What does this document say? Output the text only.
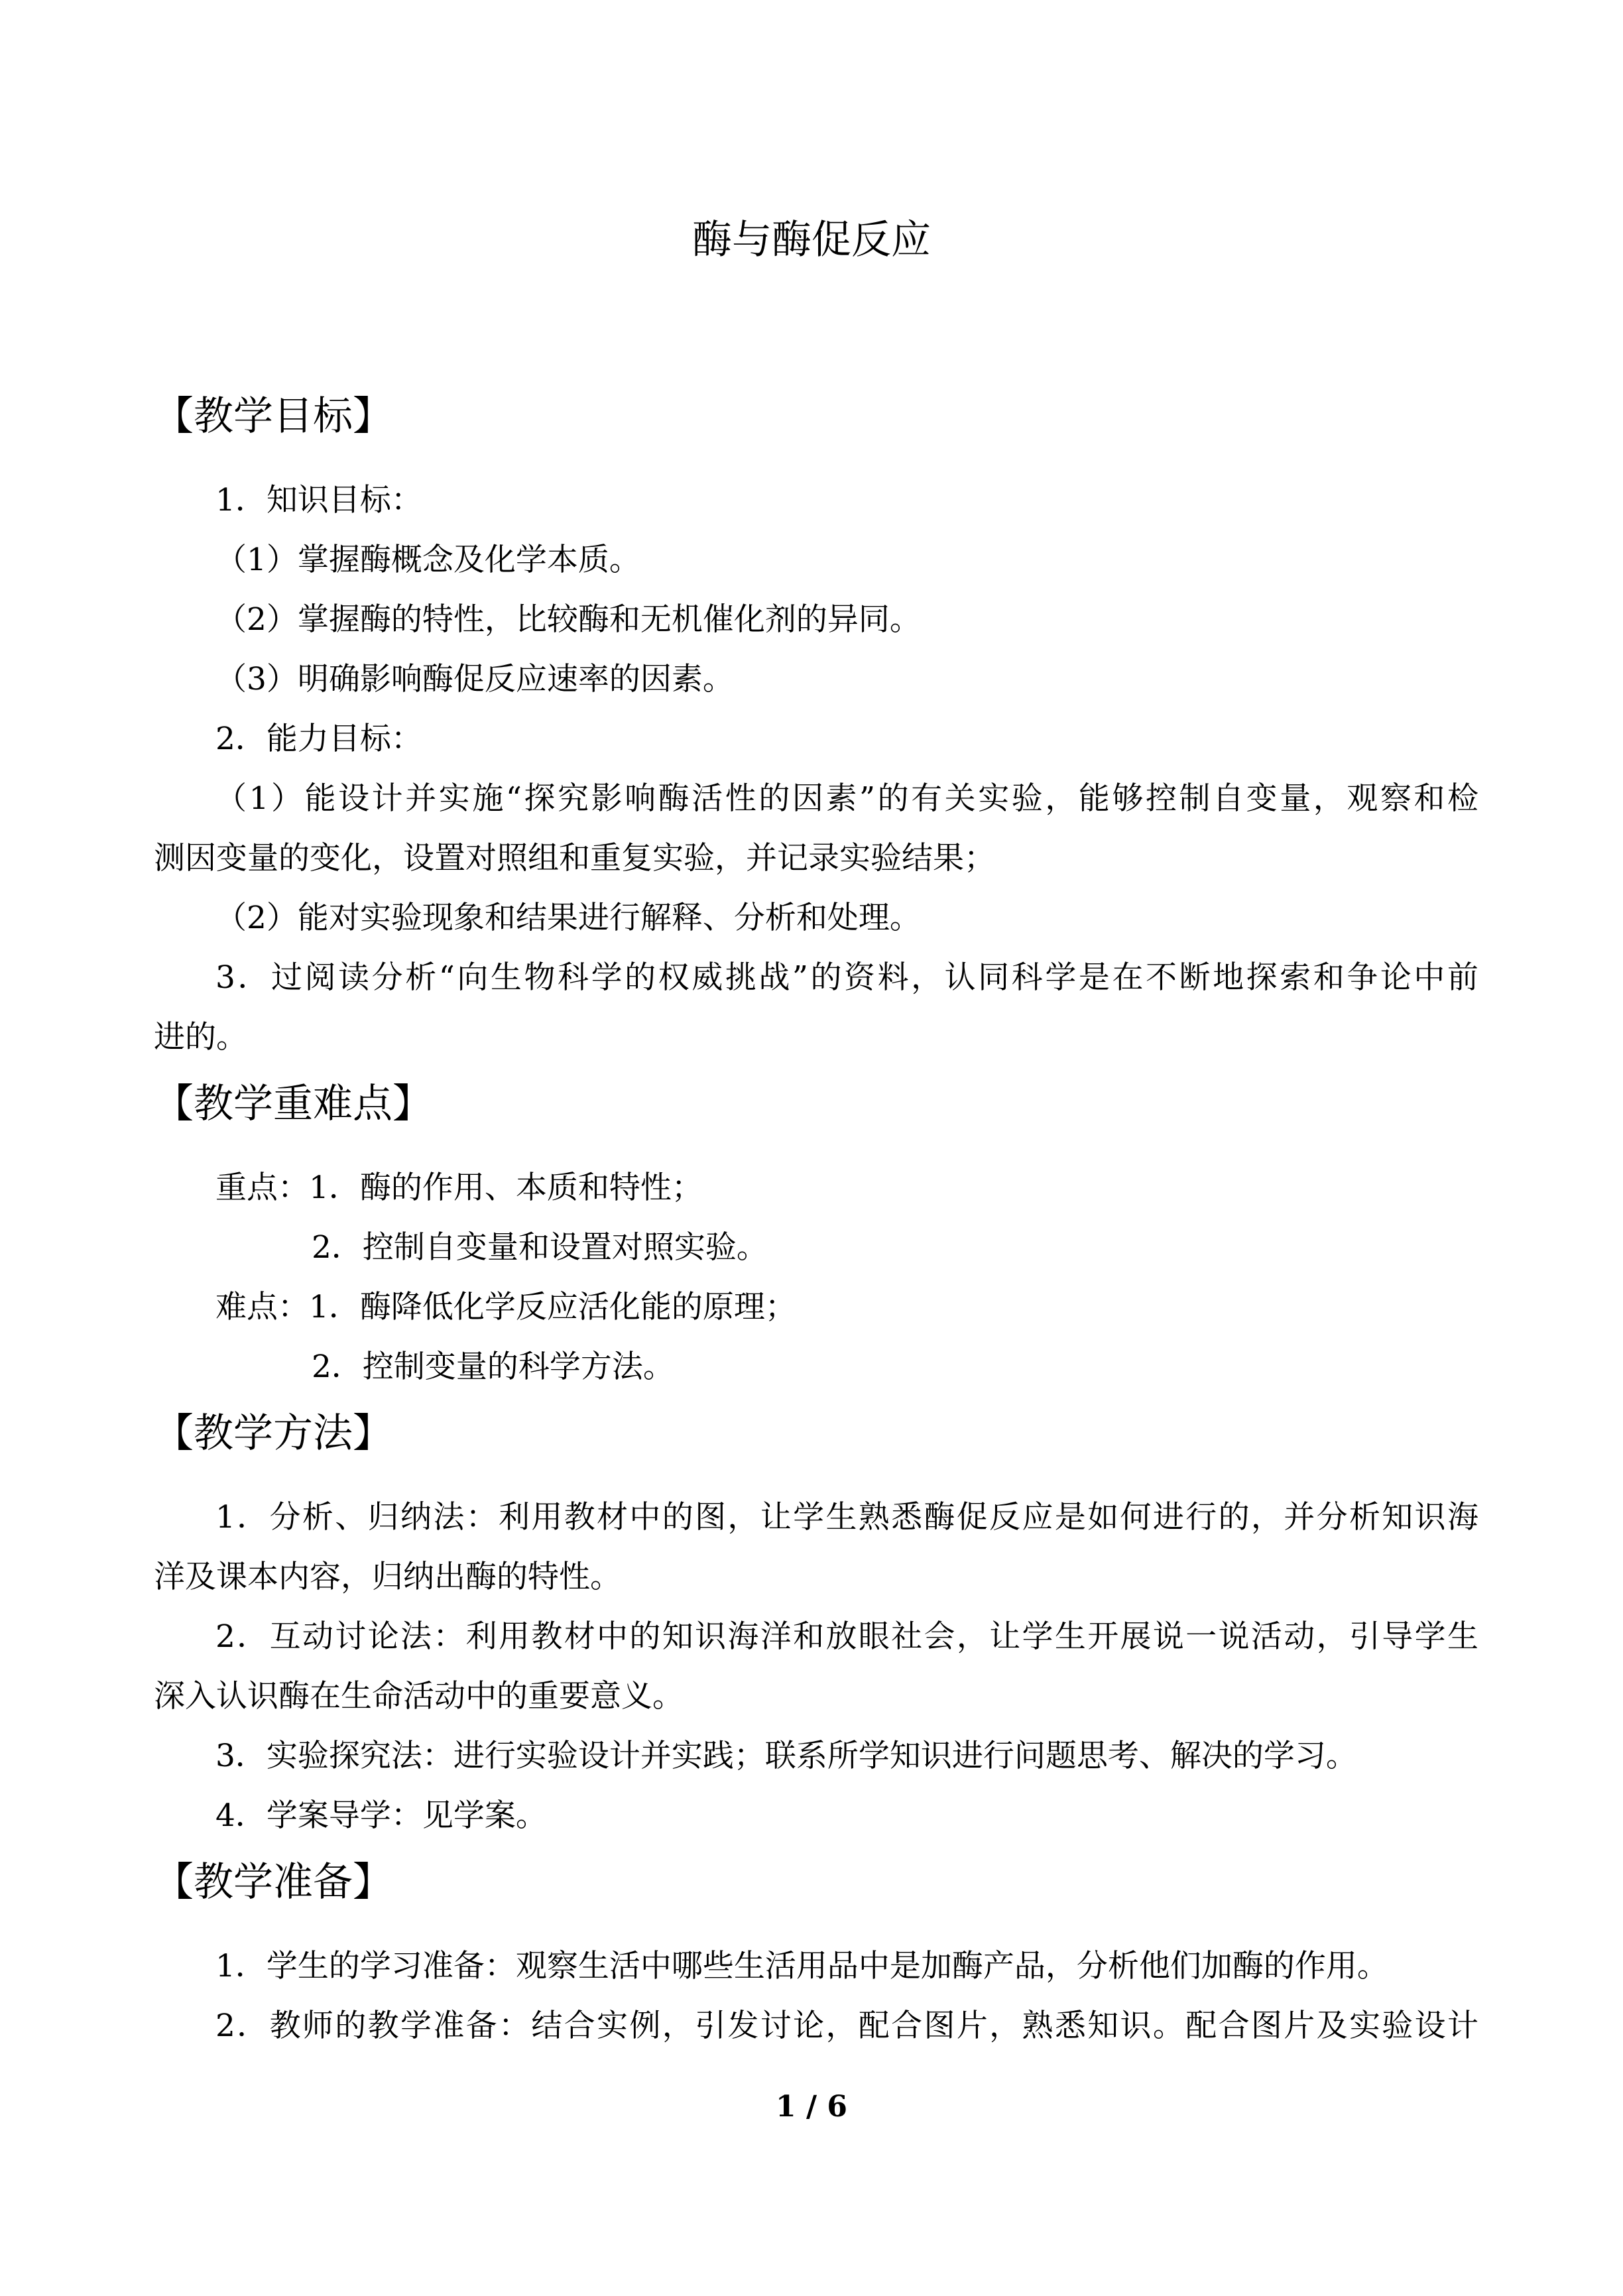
酶与酶促反应
【教学目标】
1．知识目标：
（1）掌握酶概念及化学本质。
（2）掌握酶的特性，比较酶和无机催化剂的异同。
（3）明确影响酶促反应速率的因素。
2．能力目标：
（1）能设计并实施“探究影响酶活性的因素”的有关实验，能够控制自变量，观察和检
测因变量的变化，设置对照组和重复实验，并记录实验结果；
（2）能对实验现象和结果进行解释、分析和处理。
3．过阅读分析“向生物科学的权威挑战”的资料，认同科学是在不断地探索和争论中前
进的。
【教学重难点】
重点：1．酶的作用、本质和特性；
2．控制自变量和设置对照实验。
难点：1．酶降低化学反应活化能的原理；
2．控制变量的科学方法。
【教学方法】
1．分析、归纳法：利用教材中的图，让学生熟悉酶促反应是如何进行的，并分析知识海
洋及课本内容，归纳出酶的特性。
2．互动讨论法：利用教材中的知识海洋和放眼社会，让学生开展说一说活动，引导学生
深入认识酶在生命活动中的重要意义。
3．实验探究法：进行实验设计并实践；联系所学知识进行问题思考、解决的学习。
4．学案导学：见学案。
【教学准备】
1．学生的学习准备：观察生活中哪些生活用品中是加酶产品，分析他们加酶的作用。
2．教师的教学准备：结合实例，引发讨论，配合图片，熟悉知识。配合图片及实验设计
1 / 6
